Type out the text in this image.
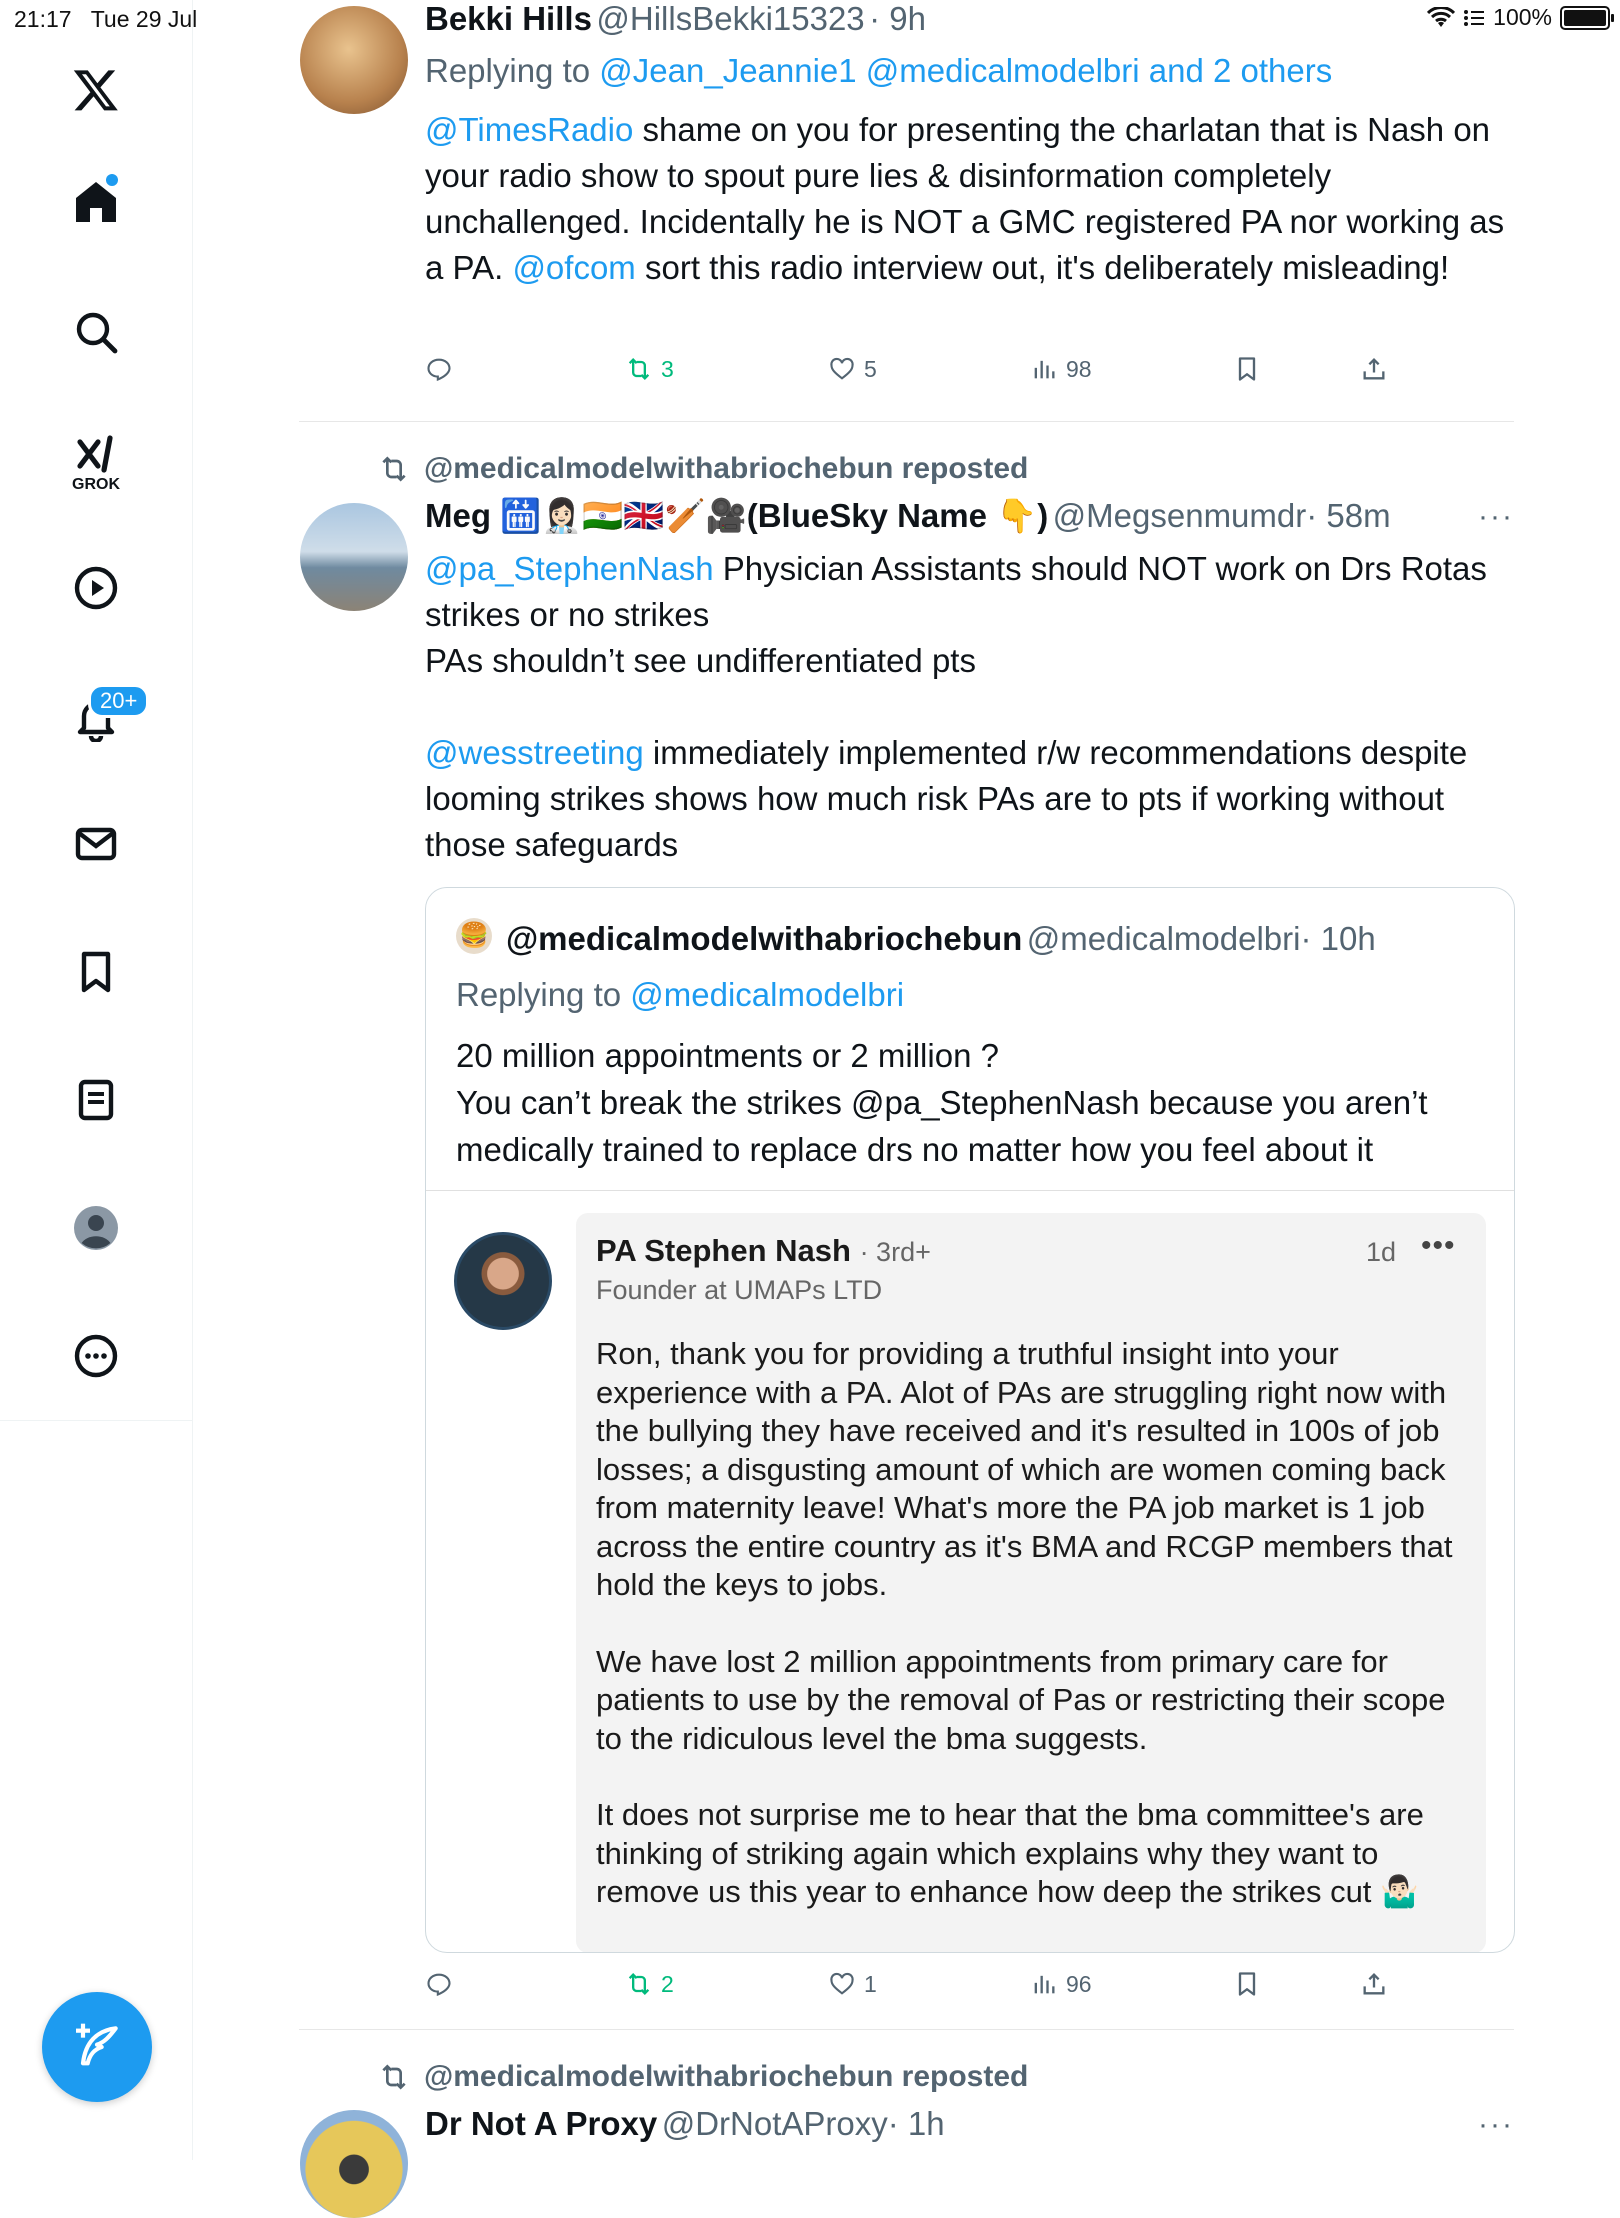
21:17 Tue 29 Jul	100%
GROK
20+
Bekki Hills @HillsBekki15323 · 9h
Replying to @Jean_Jeannie1 @medicalmodelbri and 2 others
@TimesRadio shame on you for presenting the charlatan that is Nash on your radio show to spout pure lies & disinformation completely unchallenged. Incidentally he is NOT a GMC registered PA nor working as a PA. @ofcom sort this radio interview out, it's deliberately misleading!
3	5	98
@medicalmodelwithabriochebun reposted
Meg 🛗👩🏻‍⚕️🇮🇳🇬🇧🏏🎥(BlueSky Name 👇) @Megsenmumdr· 58m	···
@pa_StephenNash Physician Assistants should NOT work on Drs Rotas strikes or no strikes
PAs shouldn’t see undifferentiated pts
@wesstreeting immediately implemented r/w recommendations despite looming strikes shows how much risk PAs are to pts if working without those safeguards
🍔 @medicalmodelwithabriochebun @medicalmodelbri· 10h
Replying to @medicalmodelbri
20 million appointments or 2 million ?
You can’t break the strikes @pa_StephenNash because you aren’t medically trained to replace drs no matter how you feel about it
PA Stephen Nash · 3rd+	1d •••
Founder at UMAPs LTD
Ron, thank you for providing a truthful insight into your experience with a PA. Alot of PAs are struggling right now with the bullying they have received and it's resulted in 100s of job losses; a disgusting amount of which are women coming back from maternity leave! What's more the PA job market is 1 job across the entire country as it's BMA and RCGP members that hold the keys to jobs.
We have lost 2 million appointments from primary care for patients to use by the removal of Pas or restricting their scope to the ridiculous level the bma suggests.
It does not surprise me to hear that the bma committee's are thinking of striking again which explains why they want to remove us this year to enhance how deep the strikes cut 🤷🏻‍♂️
2	1	96
@medicalmodelwithabriochebun reposted
Dr Not A Proxy @DrNotAProxy· 1h	···
